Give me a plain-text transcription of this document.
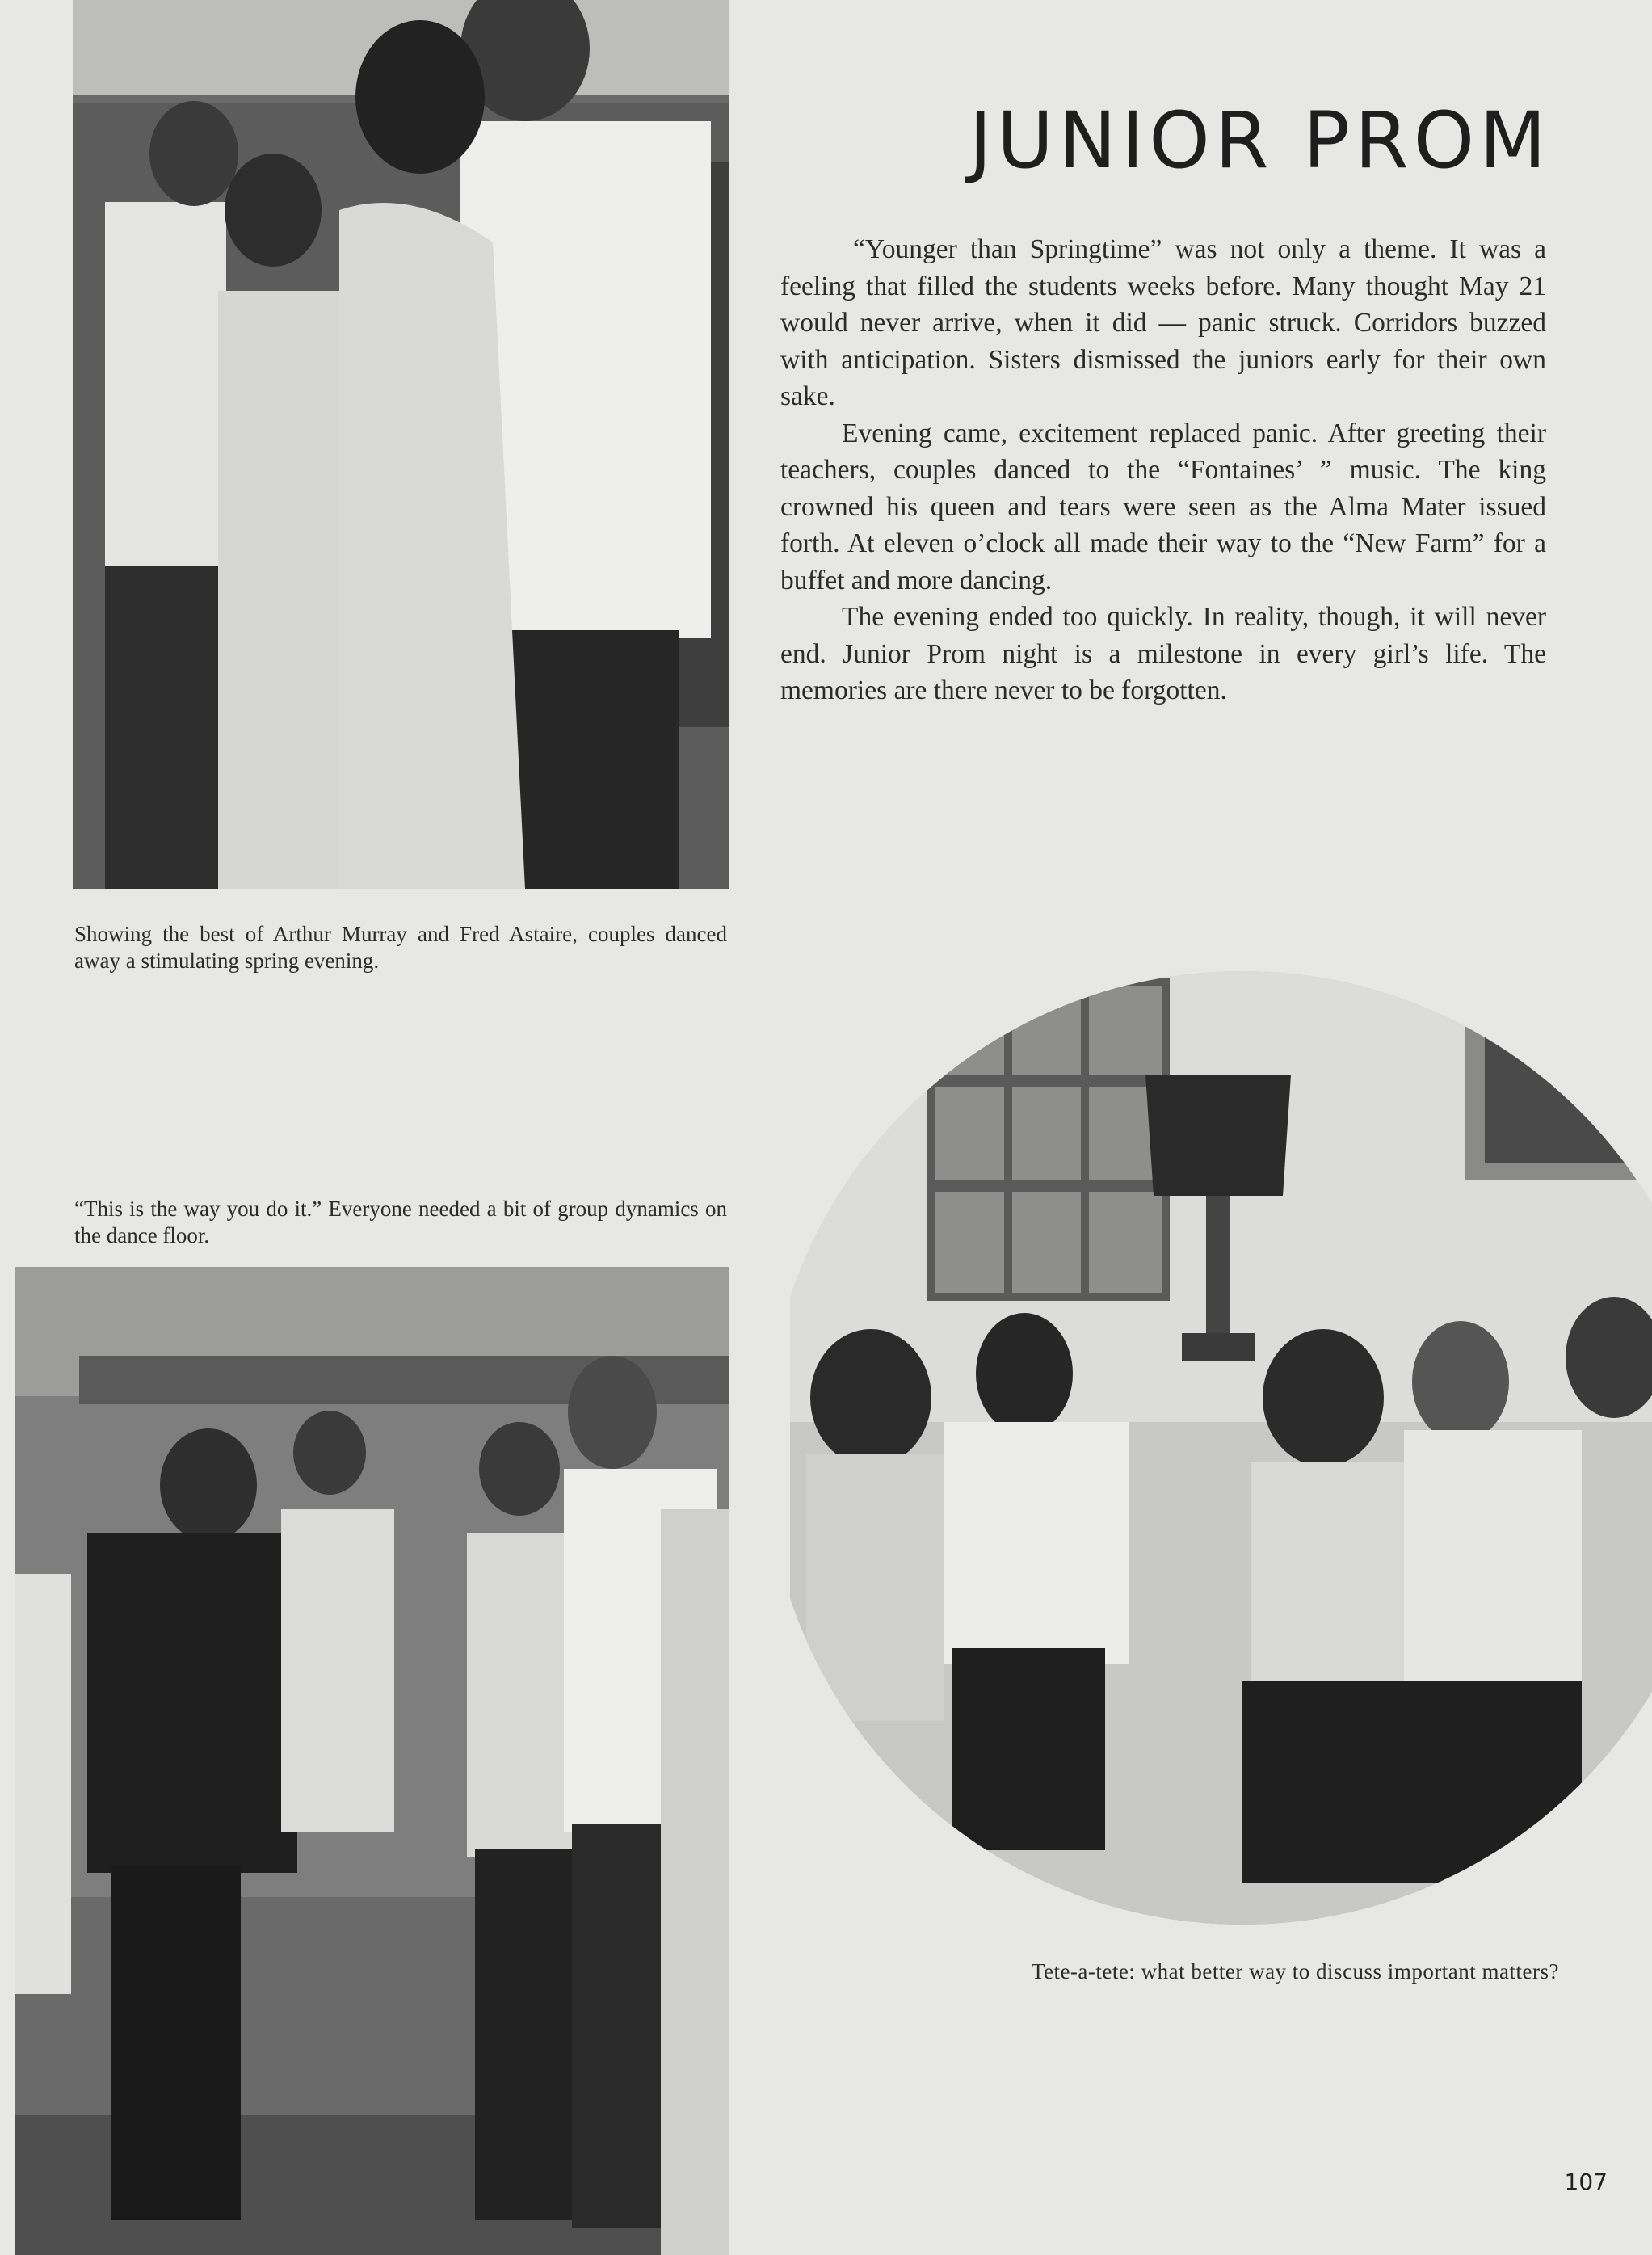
JUNIOR PROM

“Younger than Springtime” was not only a theme. It was a feeling that filled the students weeks before. Many thought May 21 would never arrive, when it did — panic struck. Corridors buzzed with anticipation. Sisters dismissed the juniors early for their own sake.

Evening came, excitement replaced panic. After greeting their teachers, couples danced to the “Fontaines’ ” music. The king crowned his queen and tears were seen as the Alma Mater issued forth. At eleven o’clock all made their way to the “New Farm” for a buffet and more dancing.

The evening ended too quickly. In reality, though, it will never end. Junior Prom night is a milestone in every girl’s life. The memories are there never to be forgotten.

Showing the best of Arthur Murray and Fred Astaire, couples danced away a stimulating spring evening.
“This is the way you do it.” Everyone needed a bit of group dynamics on the dance floor.
Tete-a-tete: what better way to discuss important matters?
107
